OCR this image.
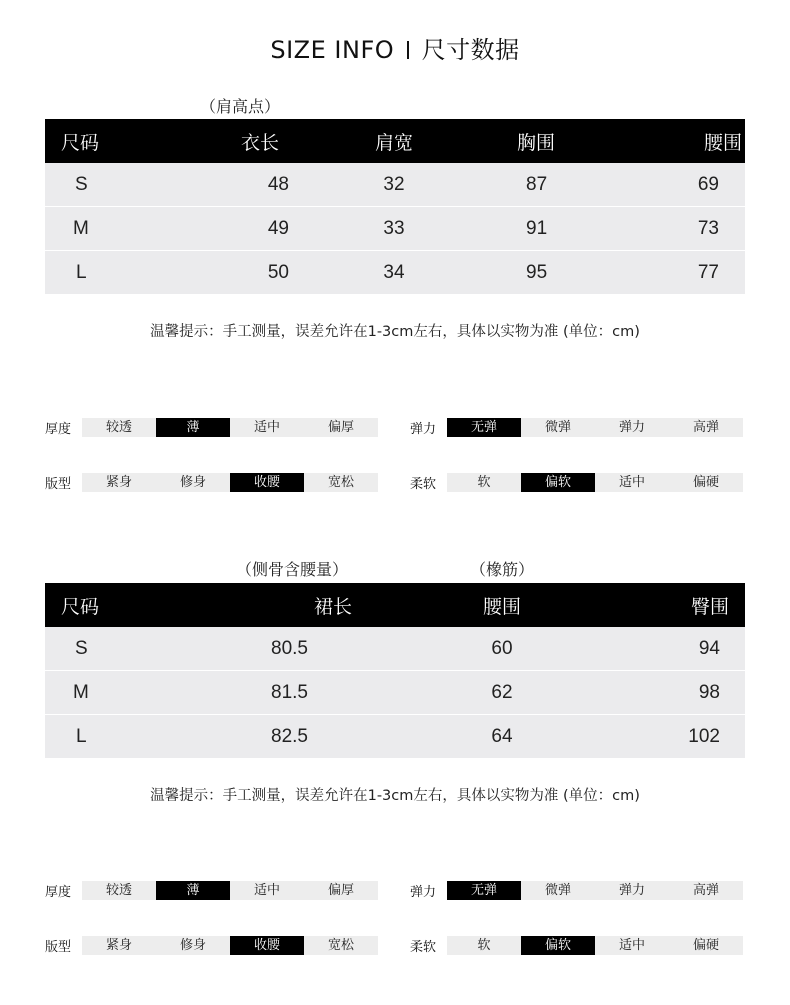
SIZE INFO 尺寸数据
（肩高点）
尺码	衣长	肩宽	胸围	腰围
S	48	32	87	69
M	49	33	91	73
L	50	34	95	77
温馨提示：手工测量，误差允许在1-3cm左右，具体以实物为准 (单位：cm)
厚度	较透	薄	适中	偏厚	弹力	无弹	微弹	弹力	高弹
版型	紧身	修身	收腰	宽松	柔软	软	偏软	适中	偏硬
（侧骨含腰量）	（橡筋）
尺码	裙长	腰围	臀围
S	80.5	60	94
M	81.5	62	98
L	82.5	64	102
温馨提示：手工测量，误差允许在1-3cm左右，具体以实物为准 (单位：cm)
厚度	较透	薄	适中	偏厚	弹力	无弹	微弹	弹力	高弹
版型	紧身	修身	收腰	宽松	柔软	软	偏软	适中	偏硬
